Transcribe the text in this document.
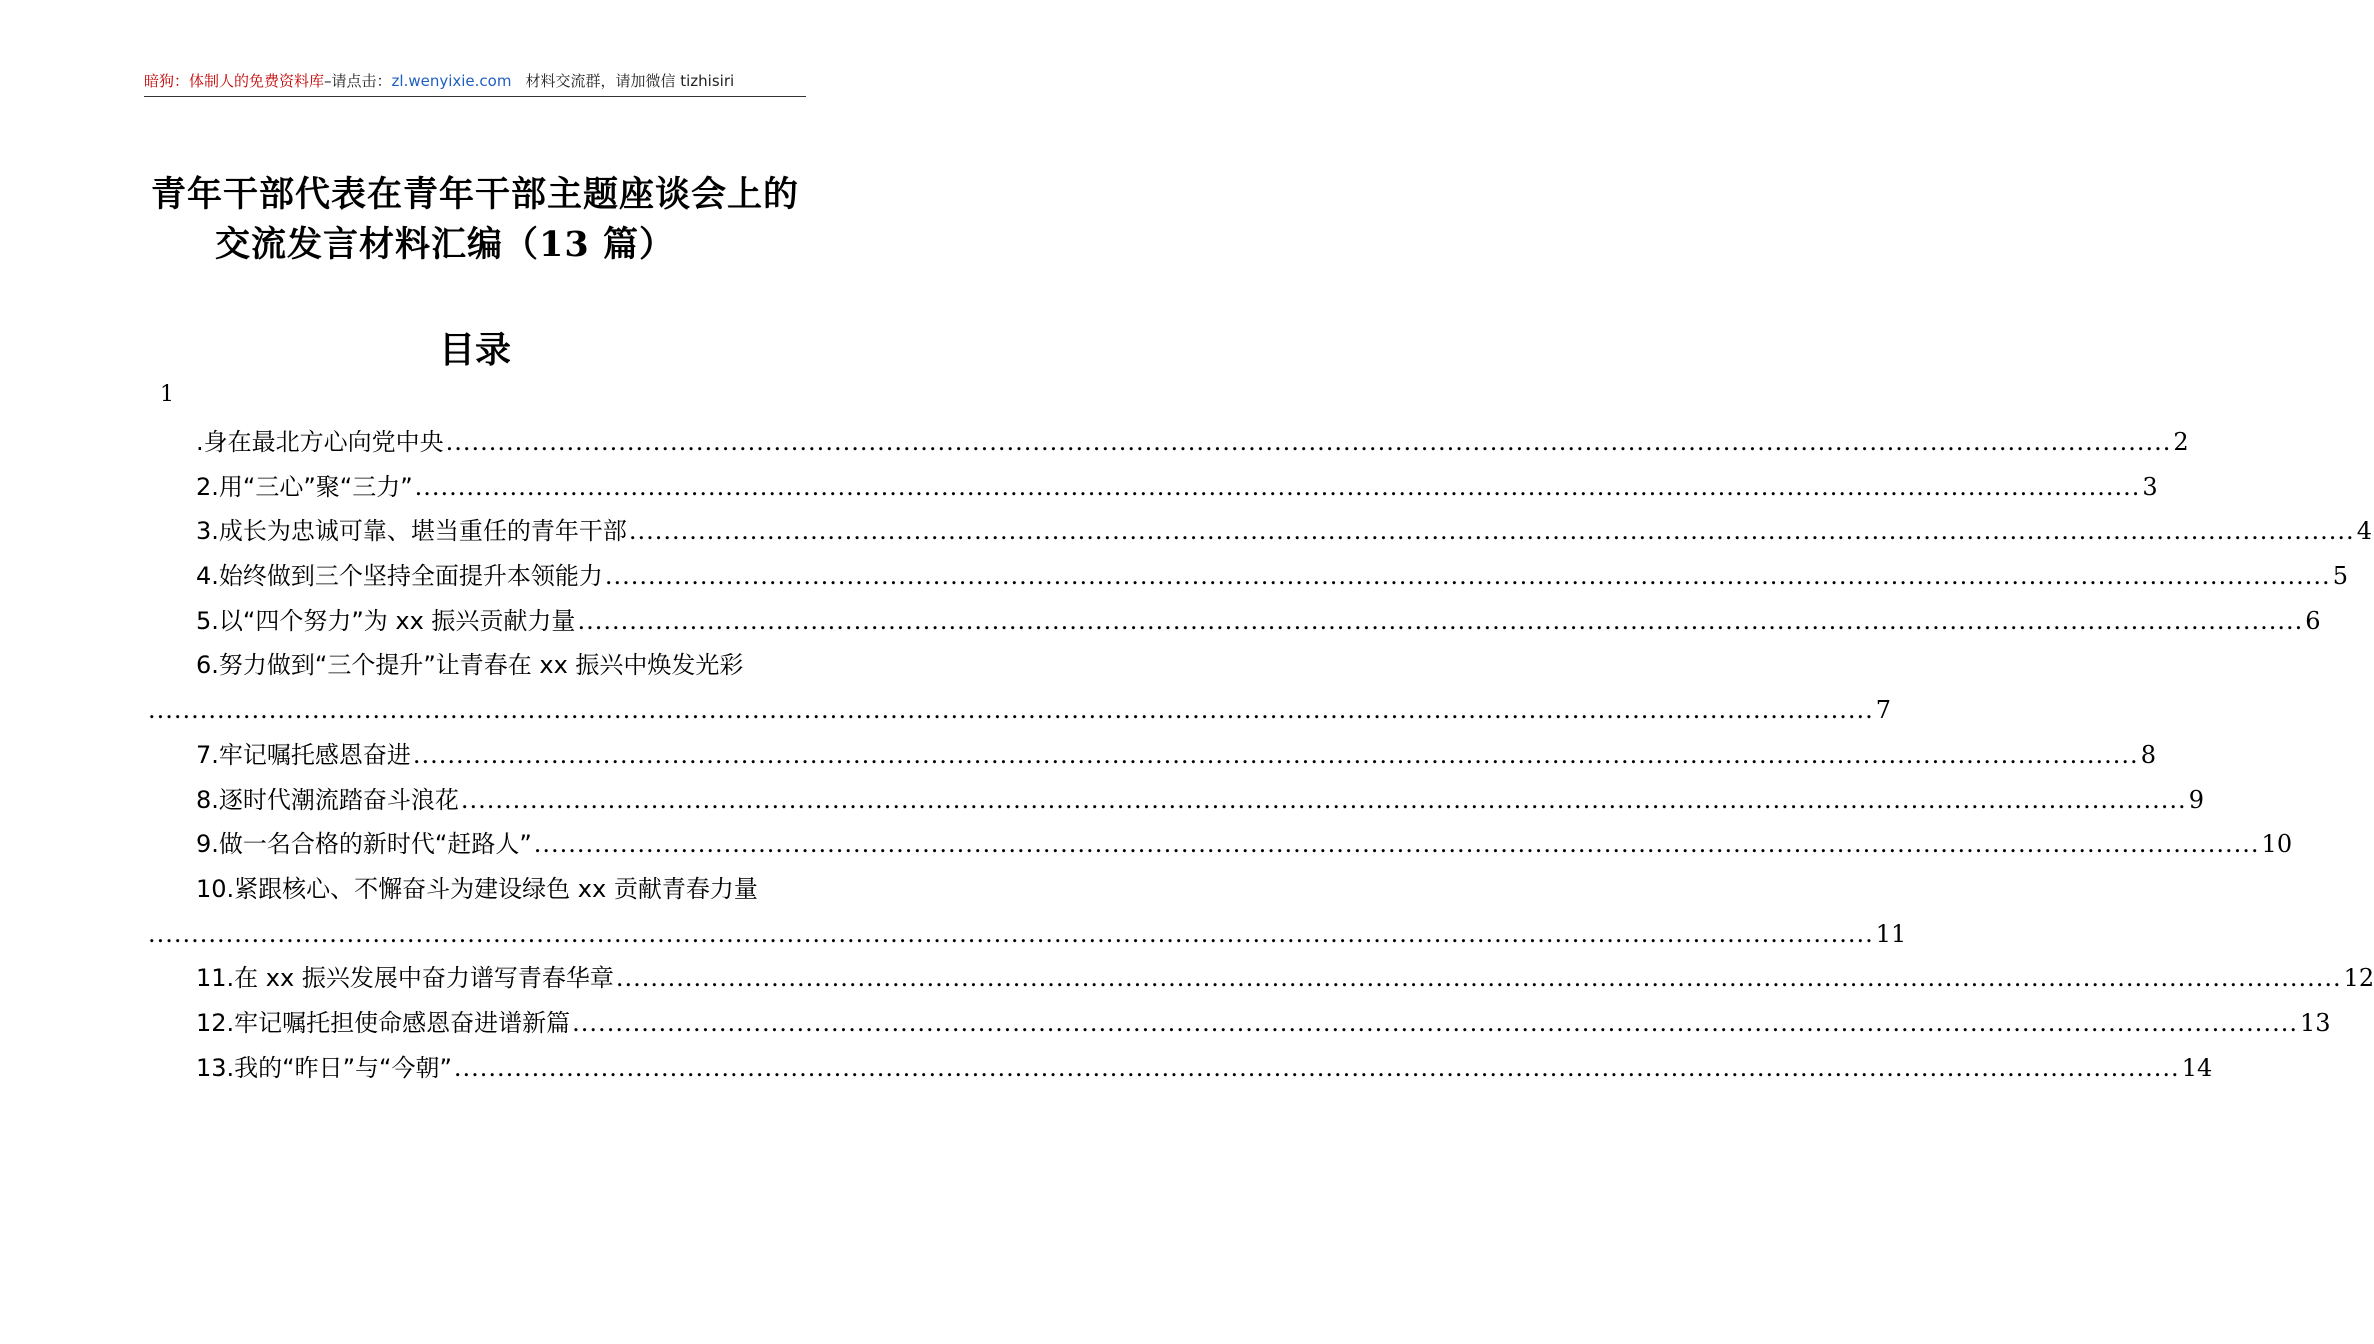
暗狗：体制人的免费资料库–请点击：zl.wenyixie.com 材料交流群，请加微信 tizhisiri
青年干部代表在青年干部主题座谈会上的
交流发言材料汇编（13 篇）
目录
1
.身在最北方心向党中央 ........................................................................................................................................................................................................ 2
2.用“三心”聚“三力” ........................................................................................................................................................................................................ 3
3.成长为忠诚可靠、堪当重任的青年干部 ........................................................................................................................................................................................................ 4
4.始终做到三个坚持全面提升本领能力 ........................................................................................................................................................................................................ 5
5.以“四个努力”为 xx 振兴贡献力量 ........................................................................................................................................................................................................ 6
6.努力做到“三个提升”让青春在 xx 振兴中焕发光彩
........................................................................................................................................................................................................ 7
7.牢记嘱托感恩奋进 ........................................................................................................................................................................................................ 8
8.逐时代潮流踏奋斗浪花 ........................................................................................................................................................................................................ 9
9.做一名合格的新时代“赶路人” ........................................................................................................................................................................................................ 10
10.紧跟核心、不懈奋斗为建设绿色 xx 贡献青春力量
........................................................................................................................................................................................................ 11
11.在 xx 振兴发展中奋力谱写青春华章 ........................................................................................................................................................................................................ 12
12.牢记嘱托担使命感恩奋进谱新篇 ........................................................................................................................................................................................................ 13
13.我的“昨日”与“今朝” ........................................................................................................................................................................................................ 14
